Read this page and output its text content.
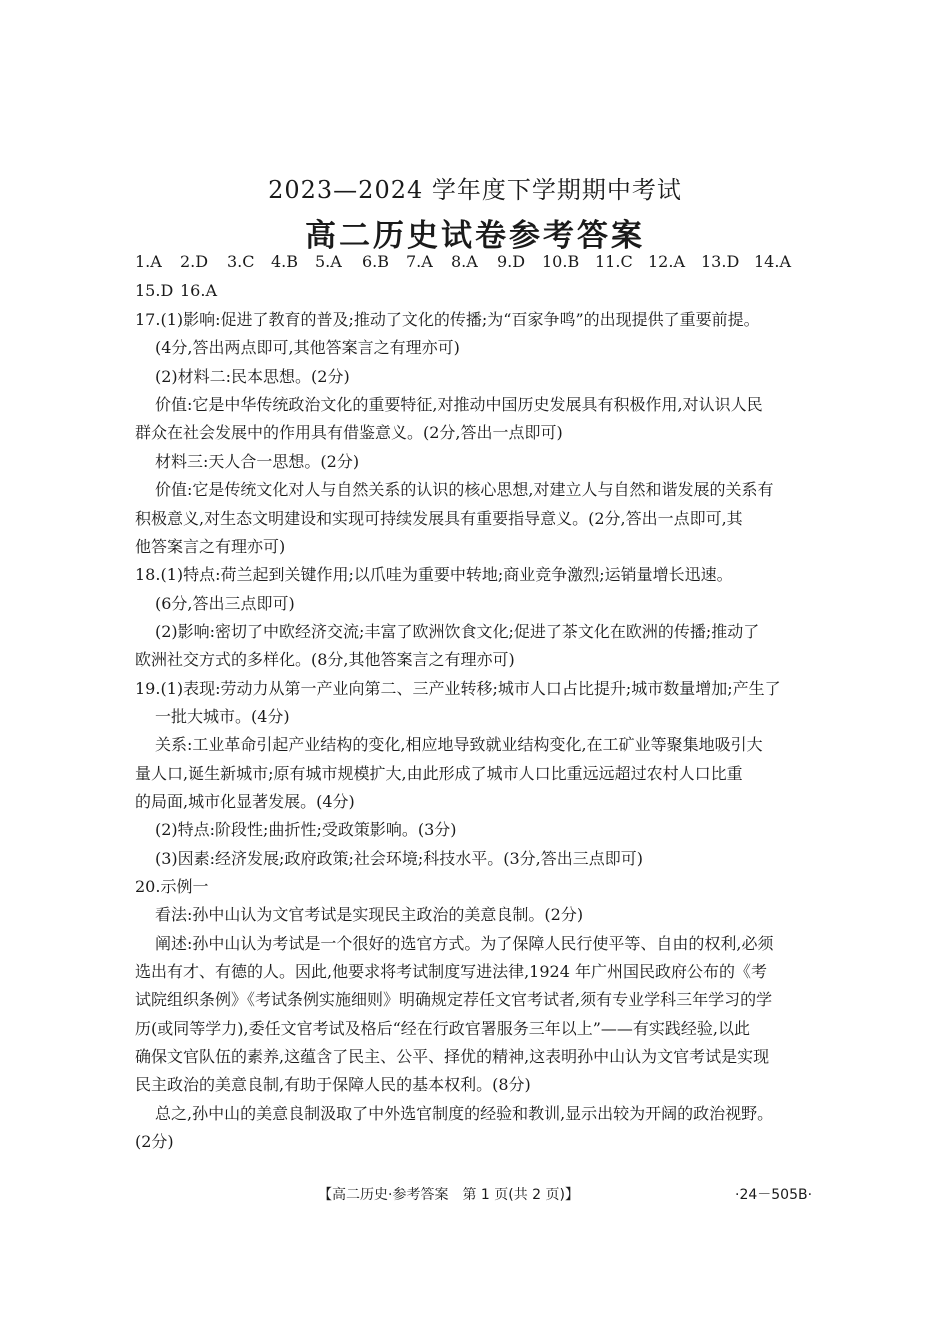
2023—2024 学年度下学期期中考试
高二历史试卷参考答案
1.A 2.D 3.C 4.B 5.A 6.B 7.A 8.A 9.D 10.B 11.C 12.A 13.D 14.A
15.D 16.A
17.(1)影响:促进了教育的普及;推动了文化的传播;为“百家争鸣”的出现提供了重要前提。
(4分,答出两点即可,其他答案言之有理亦可)
(2)材料二:民本思想。(2分)
价值:它是中华传统政治文化的重要特征,对推动中国历史发展具有积极作用,对认识人民
群众在社会发展中的作用具有借鉴意义。(2分,答出一点即可)
材料三:天人合一思想。(2分)
价值:它是传统文化对人与自然关系的认识的核心思想,对建立人与自然和谐发展的关系有
积极意义,对生态文明建设和实现可持续发展具有重要指导意义。(2分,答出一点即可,其
他答案言之有理亦可)
18.(1)特点:荷兰起到关键作用;以爪哇为重要中转地;商业竞争激烈;运销量增长迅速。
(6分,答出三点即可)
(2)影响:密切了中欧经济交流;丰富了欧洲饮食文化;促进了茶文化在欧洲的传播;推动了
欧洲社交方式的多样化。(8分,其他答案言之有理亦可)
19.(1)表现:劳动力从第一产业向第二、三产业转移;城市人口占比提升;城市数量增加;产生了
一批大城市。(4分)
关系:工业革命引起产业结构的变化,相应地导致就业结构变化,在工矿业等聚集地吸引大
量人口,诞生新城市;原有城市规模扩大,由此形成了城市人口比重远远超过农村人口比重
的局面,城市化显著发展。(4分)
(2)特点:阶段性;曲折性;受政策影响。(3分)
(3)因素:经济发展;政府政策;社会环境;科技水平。(3分,答出三点即可)
20.示例一
看法:孙中山认为文官考试是实现民主政治的美意良制。(2分)
阐述:孙中山认为考试是一个很好的选官方式。为了保障人民行使平等、自由的权利,必须
选出有才、有德的人。因此,他要求将考试制度写进法律,1924 年广州国民政府公布的《考
试院组织条例》《考试条例实施细则》明确规定荐任文官考试者,须有专业学科三年学习的学
历(或同等学力),委任文官考试及格后“经在行政官署服务三年以上”——有实践经验,以此
确保文官队伍的素养,这蕴含了民主、公平、择优的精神,这表明孙中山认为文官考试是实现
民主政治的美意良制,有助于保障人民的基本权利。(8分)
总之,孙中山的美意良制汲取了中外选官制度的经验和教训,显示出较为开阔的政治视野。
(2分)
【高二历史·参考答案　第 1 页(共 2 页)】	·24－505B·
